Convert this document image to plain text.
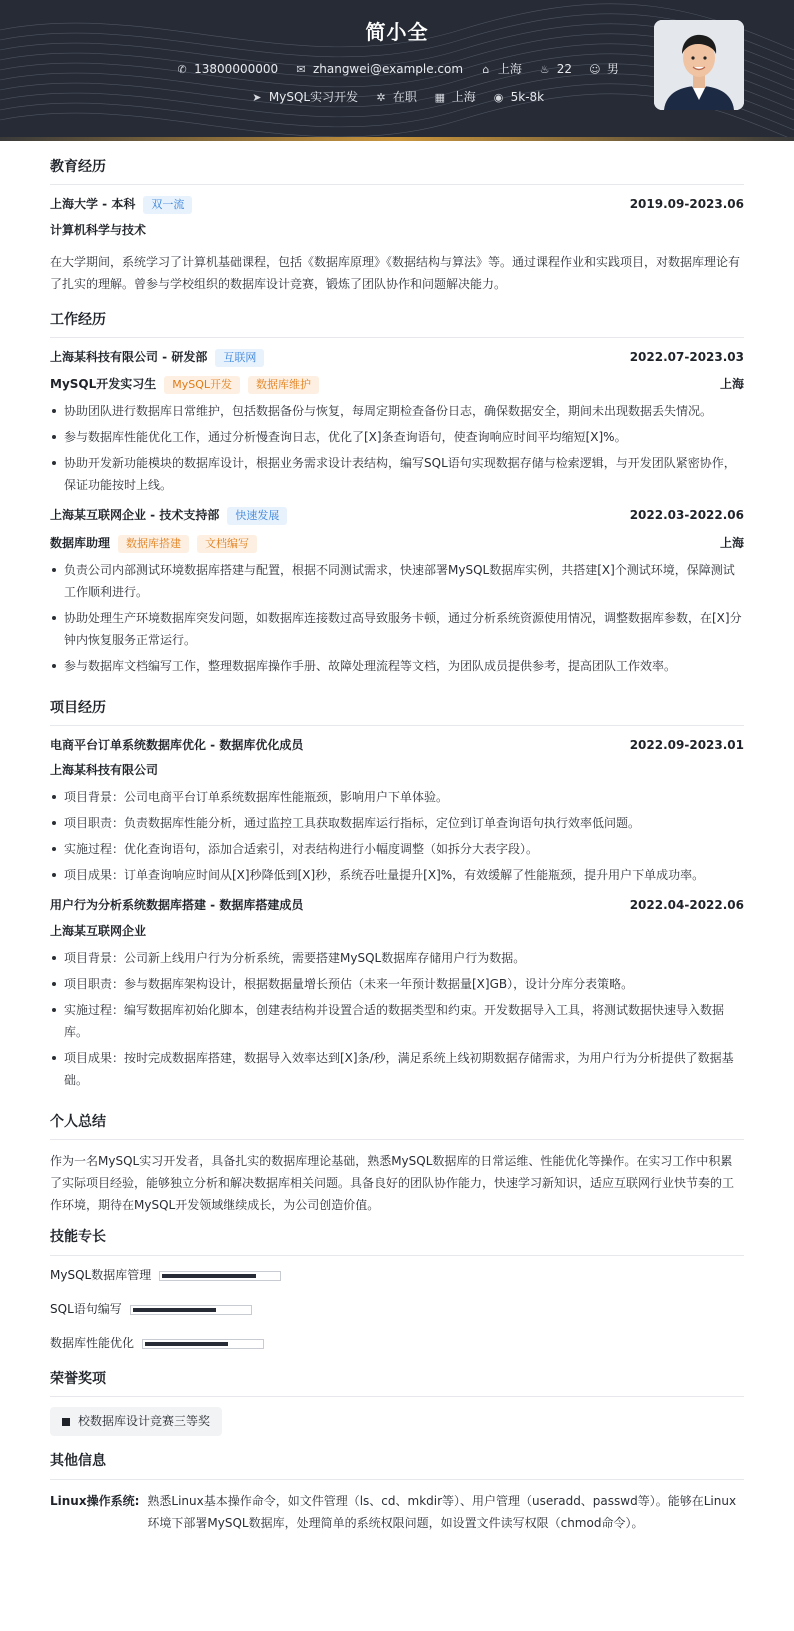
简小全
✆ 13800000000 ✉ zhangwei@example.com ⌂ 上海 ♨ 22 ☺ 男
➤ MySQL实习开发 ✲ 在职 ▦ 上海 ◉ 5k-8k
教育经历
上海大学 - 本科 双一流	2019.09-2023.06
计算机科学与技术
在大学期间，系统学习了计算机基础课程，包括《数据库原理》《数据结构与算法》等。通过课程作业和实践项目，对数据库理论有了扎实的理解。曾参与学校组织的数据库设计竞赛，锻炼了团队协作和问题解决能力。
工作经历
上海某科技有限公司 - 研发部 互联网	2022.07-2023.03
MySQL开发实习生 MySQL开发 数据库维护	上海
协助团队进行数据库日常维护，包括数据备份与恢复，每周定期检查备份日志，确保数据安全，期间未出现数据丢失情况。
参与数据库性能优化工作，通过分析慢查询日志，优化了[X]条查询语句，使查询响应时间平均缩短[X]%。
协助开发新功能模块的数据库设计，根据业务需求设计表结构，编写SQL语句实现数据存储与检索逻辑，与开发团队紧密协作，保证功能按时上线。
上海某互联网企业 - 技术支持部 快速发展	2022.03-2022.06
数据库助理 数据库搭建 文档编写	上海
负责公司内部测试环境数据库搭建与配置，根据不同测试需求，快速部署MySQL数据库实例，共搭建[X]个测试环境，保障测试工作顺利进行。
协助处理生产环境数据库突发问题，如数据库连接数过高导致服务卡顿，通过分析系统资源使用情况，调整数据库参数，在[X]分钟内恢复服务正常运行。
参与数据库文档编写工作，整理数据库操作手册、故障处理流程等文档，为团队成员提供参考，提高团队工作效率。
项目经历
电商平台订单系统数据库优化 - 数据库优化成员	2022.09-2023.01
上海某科技有限公司
项目背景：公司电商平台订单系统数据库性能瓶颈，影响用户下单体验。
项目职责：负责数据库性能分析，通过监控工具获取数据库运行指标，定位到订单查询语句执行效率低问题。
实施过程：优化查询语句，添加合适索引，对表结构进行小幅度调整（如拆分大表字段）。
项目成果：订单查询响应时间从[X]秒降低到[X]秒，系统吞吐量提升[X]%，有效缓解了性能瓶颈，提升用户下单成功率。
用户行为分析系统数据库搭建 - 数据库搭建成员	2022.04-2022.06
上海某互联网企业
项目背景：公司新上线用户行为分析系统，需要搭建MySQL数据库存储用户行为数据。
项目职责：参与数据库架构设计，根据数据量增长预估（未来一年预计数据量[X]GB），设计分库分表策略。
实施过程：编写数据库初始化脚本，创建表结构并设置合适的数据类型和约束。开发数据导入工具，将测试数据快速导入数据库。
项目成果：按时完成数据库搭建，数据导入效率达到[X]条/秒，满足系统上线初期数据存储需求，为用户行为分析提供了数据基础。
个人总结
作为一名MySQL实习开发者，具备扎实的数据库理论基础，熟悉MySQL数据库的日常运维、性能优化等操作。在实习工作中积累了实际项目经验，能够独立分析和解决数据库相关问题。具备良好的团队协作能力，快速学习新知识，适应互联网行业快节奏的工作环境，期待在MySQL开发领域继续成长，为公司创造价值。
技能专长
MySQL数据库管理
SQL语句编写
数据库性能优化
荣誉奖项
校数据库设计竞赛三等奖
其他信息
Linux操作系统: 熟悉Linux基本操作命令，如文件管理（ls、cd、mkdir等）、用户管理（useradd、passwd等）。能够在Linux环境下部署MySQL数据库，处理简单的系统权限问题，如设置文件读写权限（chmod命令）。
